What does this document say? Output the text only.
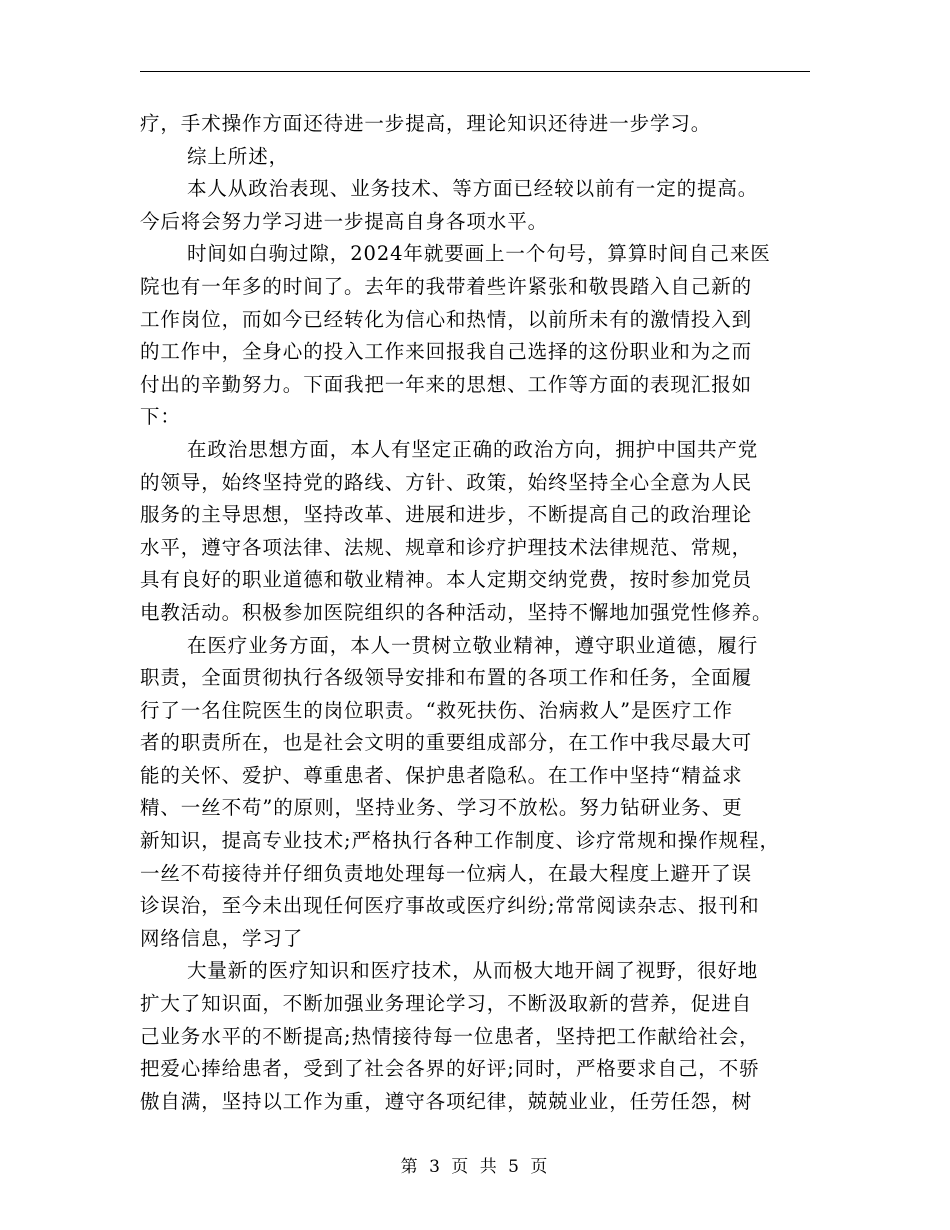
疗，手术操作方面还待进一步提高，理论知识还待进一步学习。
综上所述，
本人从政治表现、业务技术、等方面已经较以前有一定的提高。
今后将会努力学习进一步提高自身各项水平。
时间如白驹过隙，2024年就要画上一个句号，算算时间自己来医
院也有一年多的时间了。去年的我带着些许紧张和敬畏踏入自己新的
工作岗位，而如今已经转化为信心和热情，以前所未有的激情投入到
的工作中，全身心的投入工作来回报我自己选择的这份职业和为之而
付出的辛勤努力。下面我把一年来的思想、工作等方面的表现汇报如
下：
在政治思想方面，本人有坚定正确的政治方向，拥护中国共产党
的领导，始终坚持党的路线、方针、政策，始终坚持全心全意为人民
服务的主导思想，坚持改革、进展和进步，不断提高自己的政治理论
水平，遵守各项法律、法规、规章和诊疗护理技术法律规范、常规，
具有良好的职业道德和敬业精神。本人定期交纳党费，按时参加党员
电教活动。积极参加医院组织的各种活动，坚持不懈地加强党性修养。
在医疗业务方面，本人一贯树立敬业精神，遵守职业道德，履行
职责，全面贯彻执行各级领导安排和布置的各项工作和任务，全面履
行了一名住院医生的岗位职责。“救死扶伤、治病救人”是医疗工作
者的职责所在，也是社会文明的重要组成部分，在工作中我尽最大可
能的关怀、爱护、尊重患者、保护患者隐私。在工作中坚持“精益求
精、一丝不苟”的原则，坚持业务、学习不放松。努力钻研业务、更
新知识，提高专业技术;严格执行各种工作制度、诊疗常规和操作规程，
一丝不苟接待并仔细负责地处理每一位病人，在最大程度上避开了误
诊误治，至今未出现任何医疗事故或医疗纠纷;常常阅读杂志、报刊和
网络信息，学习了
大量新的医疗知识和医疗技术，从而极大地开阔了视野，很好地
扩大了知识面，不断加强业务理论学习，不断汲取新的营养，促进自
己业务水平的不断提高;热情接待每一位患者，坚持把工作献给社会，
把爱心捧给患者，受到了社会各界的好评;同时，严格要求自己，不骄
傲自满，坚持以工作为重，遵守各项纪律，兢兢业业，任劳任怨，树
第 3 页 共 5 页
